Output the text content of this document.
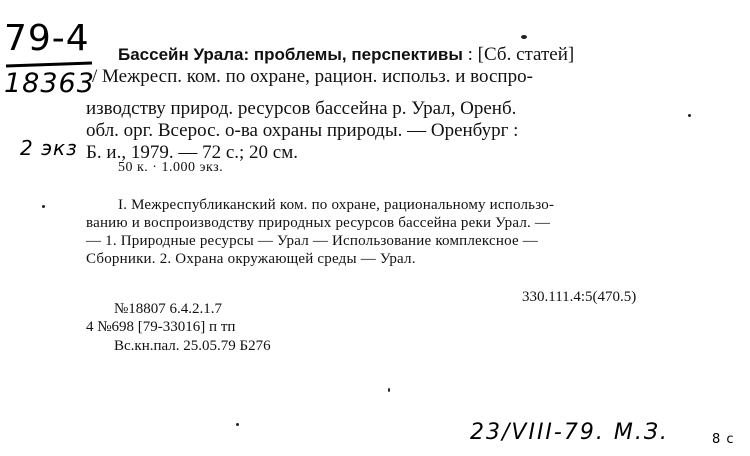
79-4
18363
2 экз
Бассейн Урала: проблемы, перспективы : [Сб. статей]
/ Межресп. ком. по охране, рацион. использ. и воспро-
изводству природ. ресурсов бассейна р. Урал, Оренб.
обл. орг. Всерос. о-ва охраны природы. — Оренбург :
Б. и., 1979. — 72 с.; 20 см.
50 к. · 1.000 экз.
I. Межреспубликанский ком. по охране, рациональному использо-
ванию и воспроизводству природных ресурсов бассейна реки Урал. —
— 1. Природные ресурсы — Урал — Использование комплексное —
Сборники. 2. Охрана окружающей среды — Урал.
330.111.4:5(470.5)
№18807 6.4.2.1.7
4 №698 [79-33016] п тп
Вс.кн.пал. 25.05.79 Б276
23/VIII-79. М.З.	8 с
